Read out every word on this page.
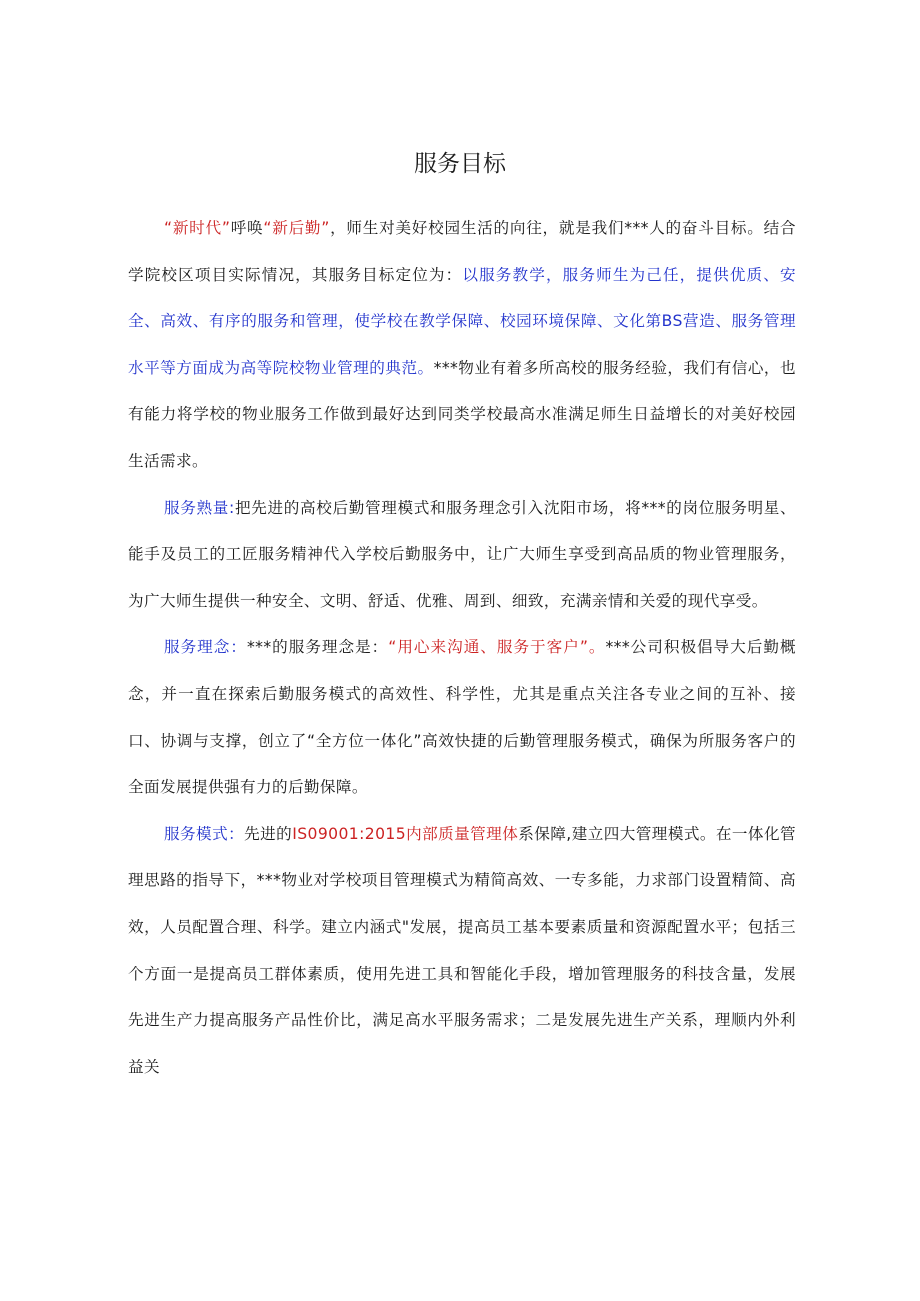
服务目标

“新时代”呼唤“新后勤”，师生对美好校园生活的向往，就是我们***人的奋斗目标。结合学院校区项目实际情况，其服务目标定位为：以服务教学，服务师生为己任，提供优质、安全、高效、有序的服务和管理，使学校在教学保障、校园环境保障、文化第BS营造、服务管理水平等方面成为高等院校物业管理的典范。***物业有着多所高校的服务经验，我们有信心，也有能力将学校的物业服务工作做到最好达到同类学校最高水准满足师生日益增长的对美好校园生活需求。

服务熟量:把先进的高校后勤管理模式和服务理念引入沈阳市场，将***的岗位服务明星、能手及员工的工匠服务精神代入学校后勤服务中，让广大师生享受到高品质的物业管理服务，为广大师生提供一种安全、文明、舒适、优雅、周到、细致，充满亲情和关爱的现代享受。

服务理念：***的服务理念是：“用心来沟通、服务于客户”。***公司积极倡导大后勤概念，并一直在探索后勤服务模式的高效性、科学性，尤其是重点关注各专业之间的互补、接口、协调与支撑，创立了“全方位一体化”高效快捷的后勤管理服务模式，确保为所服务客户的全面发展提供强有力的后勤保障。

服务模式：先进的IS09001:2015内部质量管理体系保障,建立四大管理模式。在一体化管理思路的指导下，***物业对学校项目管理模式为精简高效、一专多能，力求部门设置精简、高效，人员配置合理、科学。建立内涵式"发展，提高员工基本要素质量和资源配置水平；包括三个方面一是提高员工群体素质，使用先进工具和智能化手段，增加管理服务的科技含量，发展先进生产力提高服务产品性价比，满足高水平服务需求；二是发展先进生产关系，理顺内外利益关
